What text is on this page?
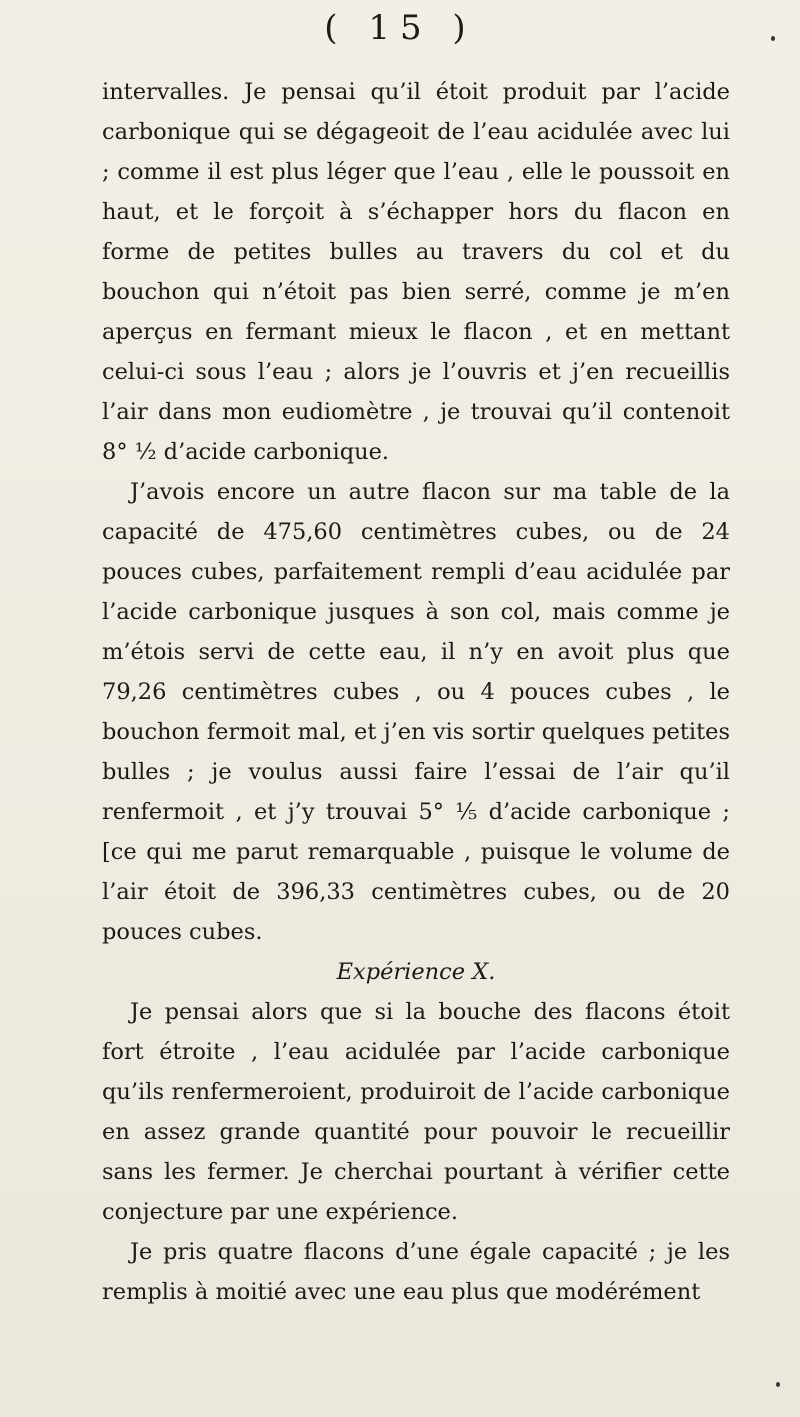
( 15 )

intervalles. Je pensai qu’il étoit produit par l’acide carbonique qui se dégageoit de l’eau acidulée avec lui ; comme il est plus léger que l’eau , elle le poussoit en haut, et le forçoit à s’échapper hors du flacon en forme de petites bulles au travers du col et du bouchon qui n’étoit pas bien serré, comme je m’en aperçus en fermant mieux le flacon , et en mettant celui-ci sous l’eau ; alors je l’ouvris et j’en recueillis l’air dans mon eudiomètre , je trouvai qu’il contenoit 8° ½ d’acide carbonique.

J’avois encore un autre flacon sur ma table de la capacité de 475,60 centimètres cubes, ou de 24 pouces cubes, parfaitement rempli d’eau acidulée par l’acide carbonique jusques à son col, mais comme je m’étois servi de cette eau, il n’y en avoit plus que 79,26 centimètres cubes , ou 4 pouces cubes , le bouchon fermoit mal, et j’en vis sortir quelques petites bulles ; je voulus aussi faire l’essai de l’air qu’il renfermoit , et j’y trouvai 5° ⅕ d’acide carbonique ; [ce qui me parut remarquable , puisque le volume de l’air étoit de 396,33 centimètres cubes, ou de 20 pouces cubes.

Expérience X.

Je pensai alors que si la bouche des flacons étoit fort étroite , l’eau acidulée par l’acide carbonique qu’ils renfermeroient, produiroit de l’acide carbonique en assez grande quantité pour pouvoir le recueillir sans les fermer. Je cherchai pourtant à vérifier cette conjecture par une expérience.

Je pris quatre flacons d’une égale capacité ; je les remplis à moitié avec une eau plus que modérément
